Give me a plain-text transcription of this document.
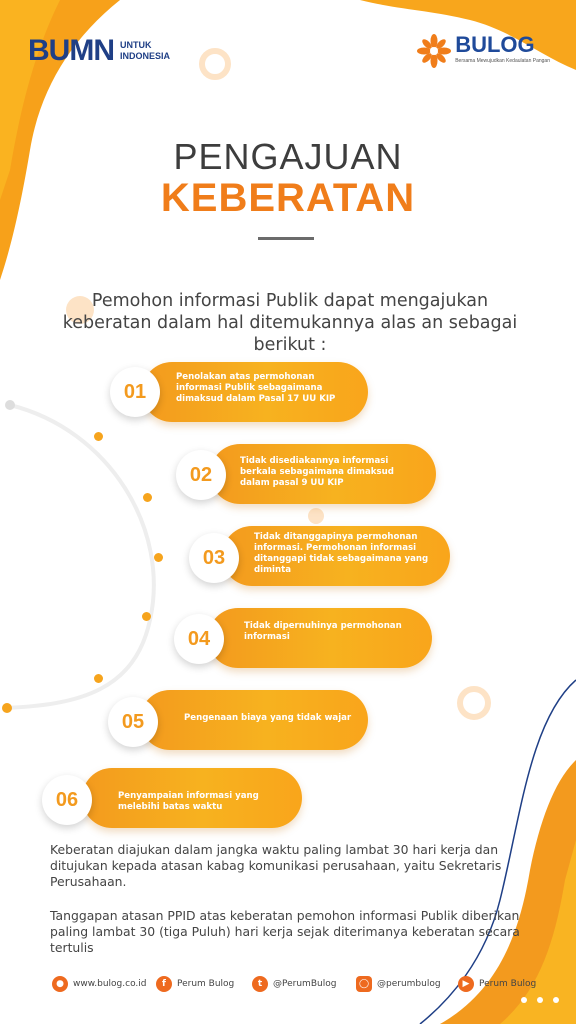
BUMN UNTUK
INDONESIA	BULOG
Bersama Mewujudkan Kedaulatan Pangan
PENGAJUAN
KEBERATAN
Pemohon informasi Publik dapat mengajukan keberatan dalam hal ditemukannya alas an sebagai berikut :
Penolakan atas permohonan informasi Publik sebagaimana dimaksud dalam Pasal 17 UU KIP
01
Tidak disediakannya informasi berkala sebagaimana dimaksud dalam pasal 9 UU KIP
02
Tidak ditanggapinya permohonan informasi. Permohonan informasi ditanggapi tidak sebagaimana yang diminta
03
Tidak dipernuhinya permohonan informasi
04
Pengenaan biaya yang tidak wajar
05
Penyampaian informasi yang melebihi batas waktu
06
Keberatan diajukan dalam jangka waktu paling lambat 30 hari kerja dan ditujukan kepada atasan kabag komunikasi perusahaan, yaitu Sekretaris Perusahaan.
Tanggapan atasan PPID atas keberatan pemohon informasi Publik diberikan paling lambat 30 (tiga Puluh) hari kerja sejak diterimanya keberatan secara tertulis
●	www.bulog.co.id	f	Perum Bulog	t	@PerumBulog	◯ @perumbulog	▶	Perum Bulog
